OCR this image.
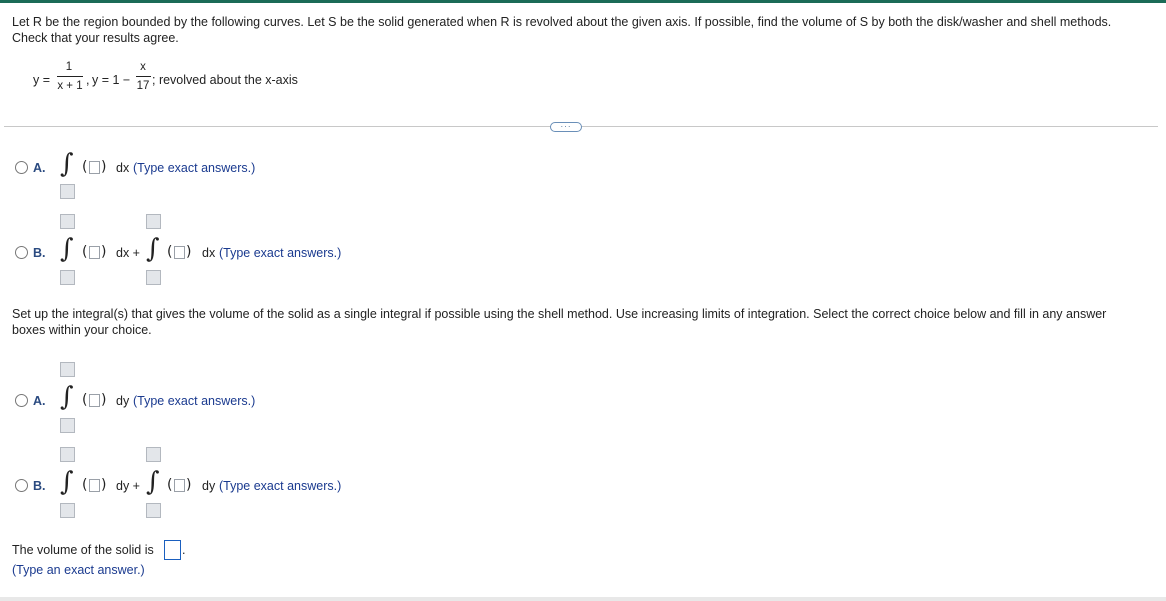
Let R be the region bounded by the following curves. Let S be the solid generated when R is revolved about the given axis. If possible, find the volume of S by both the disk/washer and shell methods. Check that your results agree.
y =
1
x + 1 , y = 1 −
x
17 ; revolved about the x-axis
···
A. ∫ ( ) dx (Type exact answers.)
B. ∫ ( ) dx + ∫ ( ) dx (Type exact answers.)
Set up the integral(s) that gives the volume of the solid as a single integral if possible using the shell method. Use increasing limits of integration. Select the correct choice below and fill in any answer boxes within your choice.
A. ∫ ( ) dy (Type exact answers.)
B. ∫ ( ) dy + ∫ ( ) dy (Type exact answers.)
The volume of the solid is .
(Type an exact answer.)
